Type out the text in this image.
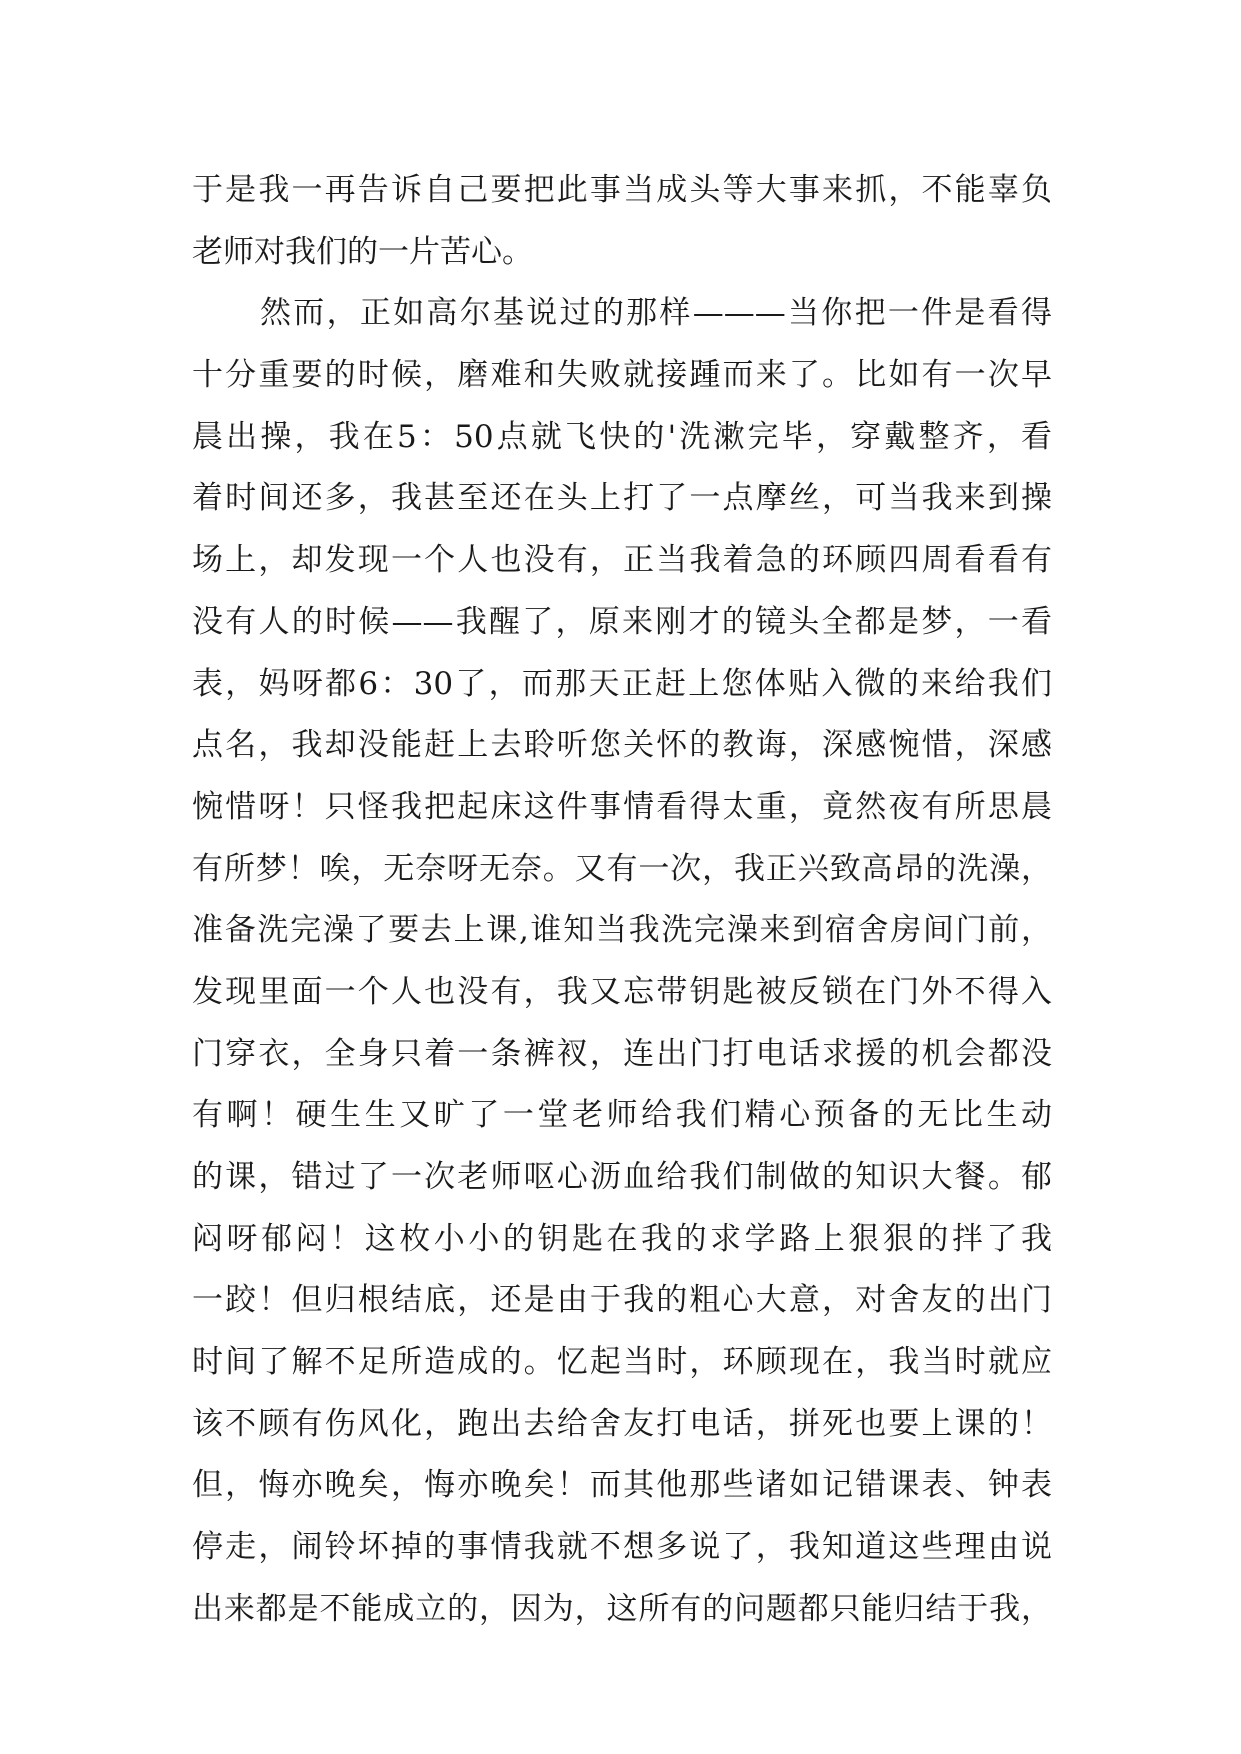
于是我一再告诉自己要把此事当成头等大事来抓，不能辜负
老师对我们的一片苦心。
然而，正如高尔基说过的那样———当你把一件是看得
十分重要的时候，磨难和失败就接踵而来了。比如有一次早
晨出操，我在5：50点就飞快的'洗漱完毕，穿戴整齐，看
着时间还多，我甚至还在头上打了一点摩丝，可当我来到操
场上，却发现一个人也没有，正当我着急的环顾四周看看有
没有人的时候——我醒了，原来刚才的镜头全都是梦，一看
表，妈呀都6：30了，而那天正赶上您体贴入微的来给我们
点名，我却没能赶上去聆听您关怀的教诲，深感惋惜，深感
惋惜呀！只怪我把起床这件事情看得太重，竟然夜有所思晨
有所梦！唉，无奈呀无奈。又有一次，我正兴致高昂的洗澡，
准备洗完澡了要去上课,谁知当我洗完澡来到宿舍房间门前，
发现里面一个人也没有，我又忘带钥匙被反锁在门外不得入
门穿衣，全身只着一条裤衩，连出门打电话求援的机会都没
有啊！硬生生又旷了一堂老师给我们精心预备的无比生动
的课，错过了一次老师呕心沥血给我们制做的知识大餐。郁
闷呀郁闷！这枚小小的钥匙在我的求学路上狠狠的拌了我
一跤！但归根结底，还是由于我的粗心大意，对舍友的出门
时间了解不足所造成的。忆起当时，环顾现在，我当时就应
该不顾有伤风化，跑出去给舍友打电话，拼死也要上课的！
但，悔亦晚矣，悔亦晚矣！而其他那些诸如记错课表、钟表
停走，闹铃坏掉的事情我就不想多说了，我知道这些理由说
出来都是不能成立的，因为，这所有的问题都只能归结于我，
